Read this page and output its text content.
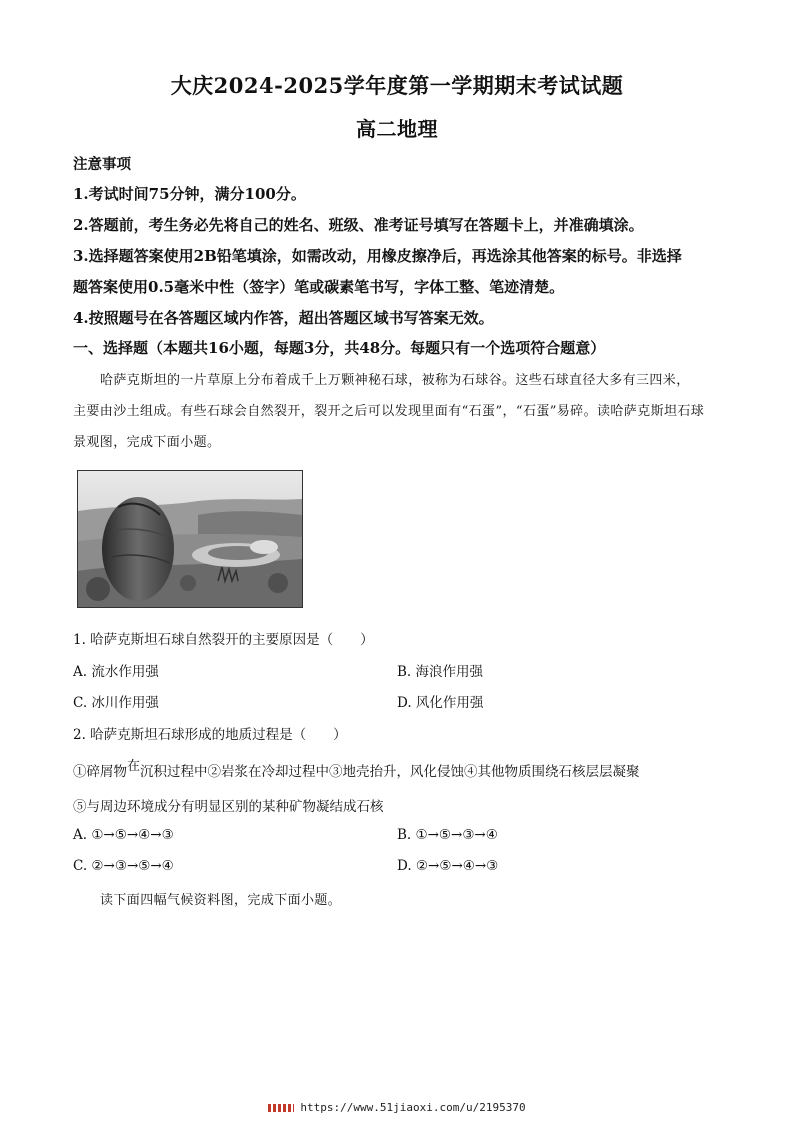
大庆2024-2025学年度第一学期期末考试试题
高二地理
注意事项
1.考试时间75分钟，满分100分。
2.答题前，考生务必先将自己的姓名、班级、准考证号填写在答题卡上，并准确填涂。
3.选择题答案使用2B铅笔填涂，如需改动，用橡皮擦净后，再选涂其他答案的标号。非选择
题答案使用0.5毫米中性（签字）笔或碳素笔书写，字体工整、笔迹清楚。
4.按照题号在各答题区域内作答，超出答题区域书写答案无效。
一、选择题（本题共16小题，每题3分，共48分。每题只有一个选项符合题意）
哈萨克斯坦的一片草原上分布着成千上万颗神秘石球，被称为石球谷。这些石球直径大多有三四米，
主要由沙土组成。有些石球会自然裂开，裂开之后可以发现里面有“石蛋”，“石蛋”易碎。读哈萨克斯坦石球
景观图，完成下面小题。
1. 哈萨克斯坦石球自然裂开的主要原因是（　　）
A. 流水作用强	B. 海浪作用强
C. 冰川作用强	D. 风化作用强
2. 哈萨克斯坦石球形成的地质过程是（　　）
①碎屑物在沉积过程中②岩浆在冷却过程中③地壳抬升，风化侵蚀④其他物质围绕石核层层凝聚
⑤与周边环境成分有明显区别的某种矿物凝结成石核
A. ①→⑤→④→③	B. ①→⑤→③→④
C. ②→③→⑤→④	D. ②→⑤→④→③
读下面四幅气候资料图，完成下面小题。
https://www.51jiaoxi.com/u/2195370
